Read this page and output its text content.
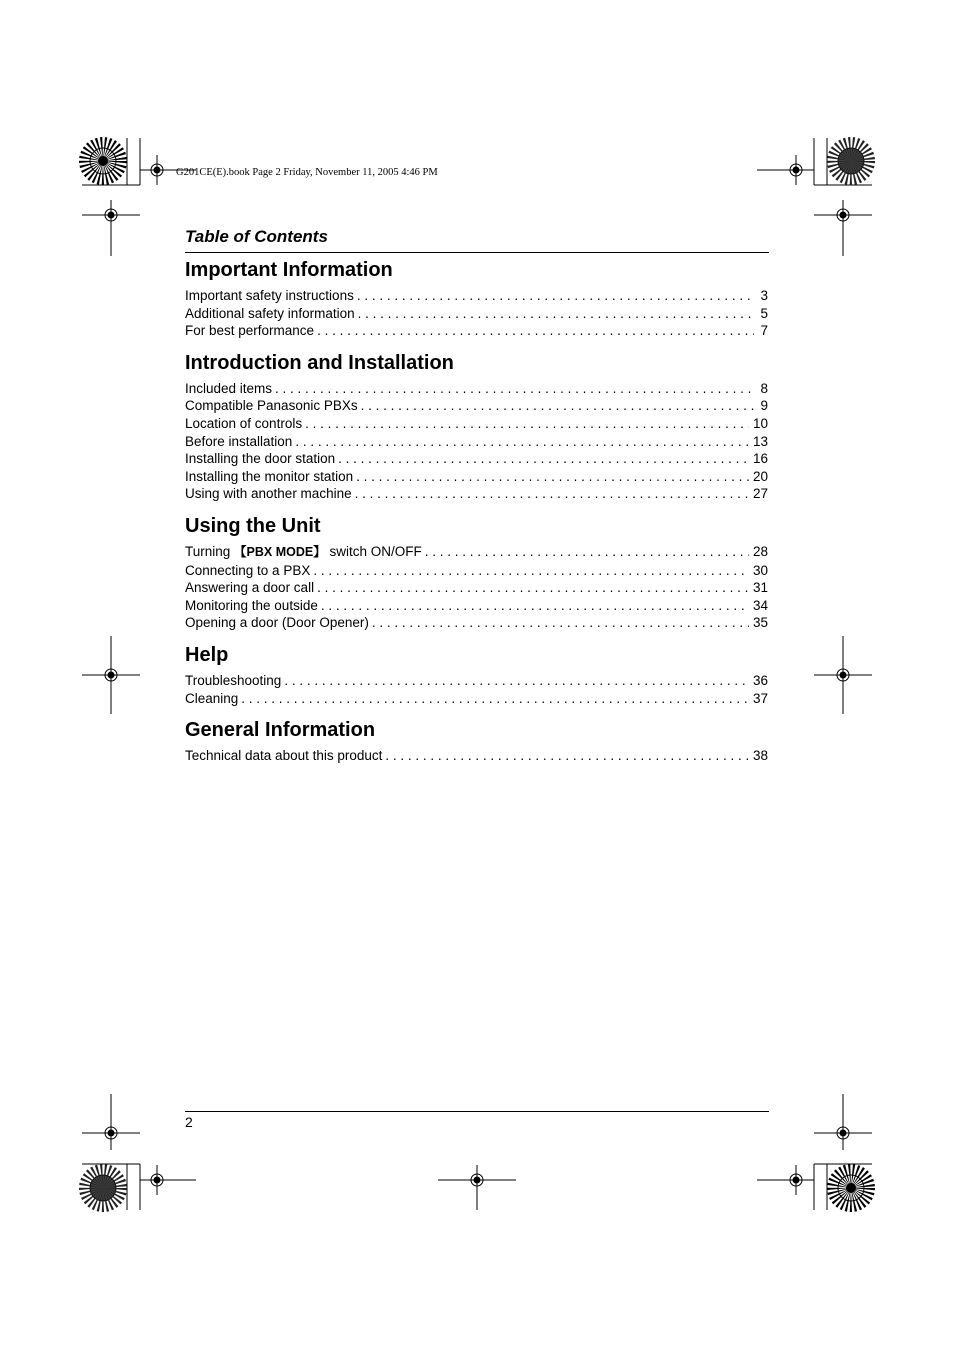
G201CE(E).book Page 2 Friday, November 11, 2005 4:46 PM
Table of Contents
Important Information
Important safety instructions . . .	3
Additional safety information . . .	5
For best performance . . .	7
Introduction and Installation
Included items . . .	8
Compatible Panasonic PBXs . . .	9
Location of controls . . .	10
Before installation . . .	13
Installing the door station . . .	16
Installing the monitor station . . .	20
Using with another machine . . .	27
Using the Unit
Turning 【PBX MODE】 switch ON/OFF . . .	28
Connecting to a PBX . . .	30
Answering a door call . . .	31
Monitoring the outside . . .	34
Opening a door (Door Opener) . . .	35
Help
Troubleshooting . . .	36
Cleaning . . .	37
General Information
Technical data about this product . . .	38
2
